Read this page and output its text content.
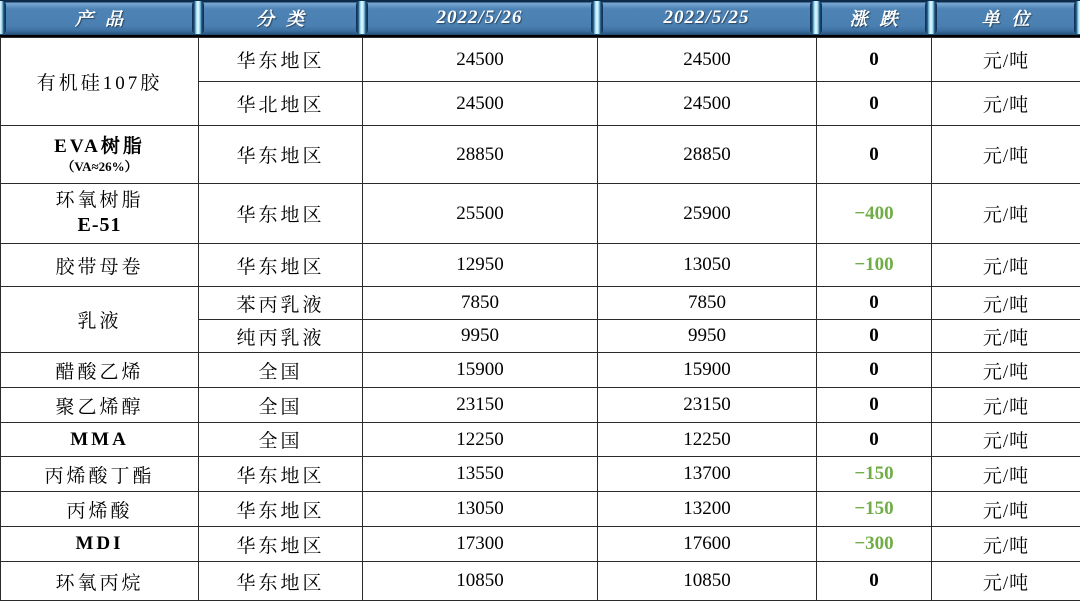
产品	分类	2022/5/26	2022/5/25	涨跌	单位
有机硅107胶	华东地区	24500	24500	0	元/吨
	华北地区	24500	24500	0	元/吨

EVA树脂
（VA≈26%）	华东地区	28850	28850	0	元/吨

环氧树脂
E-51	华东地区	25500	25900	−400	元/吨
胶带母卷	华东地区	12950	13050	−100	元/吨
乳液	苯丙乳液	7850	7850	0	元/吨
	纯丙乳液	9950	9950	0	元/吨
醋酸乙烯	全国	15900	15900	0	元/吨
聚乙烯醇	全国	23150	23150	0	元/吨
MMA	全国	12250	12250	0	元/吨
丙烯酸丁酯	华东地区	13550	13700	−150	元/吨
丙烯酸	华东地区	13050	13200	−150	元/吨
MDI	华东地区	17300	17600	−300	元/吨
环氧丙烷	华东地区	10850	10850	0	元/吨
